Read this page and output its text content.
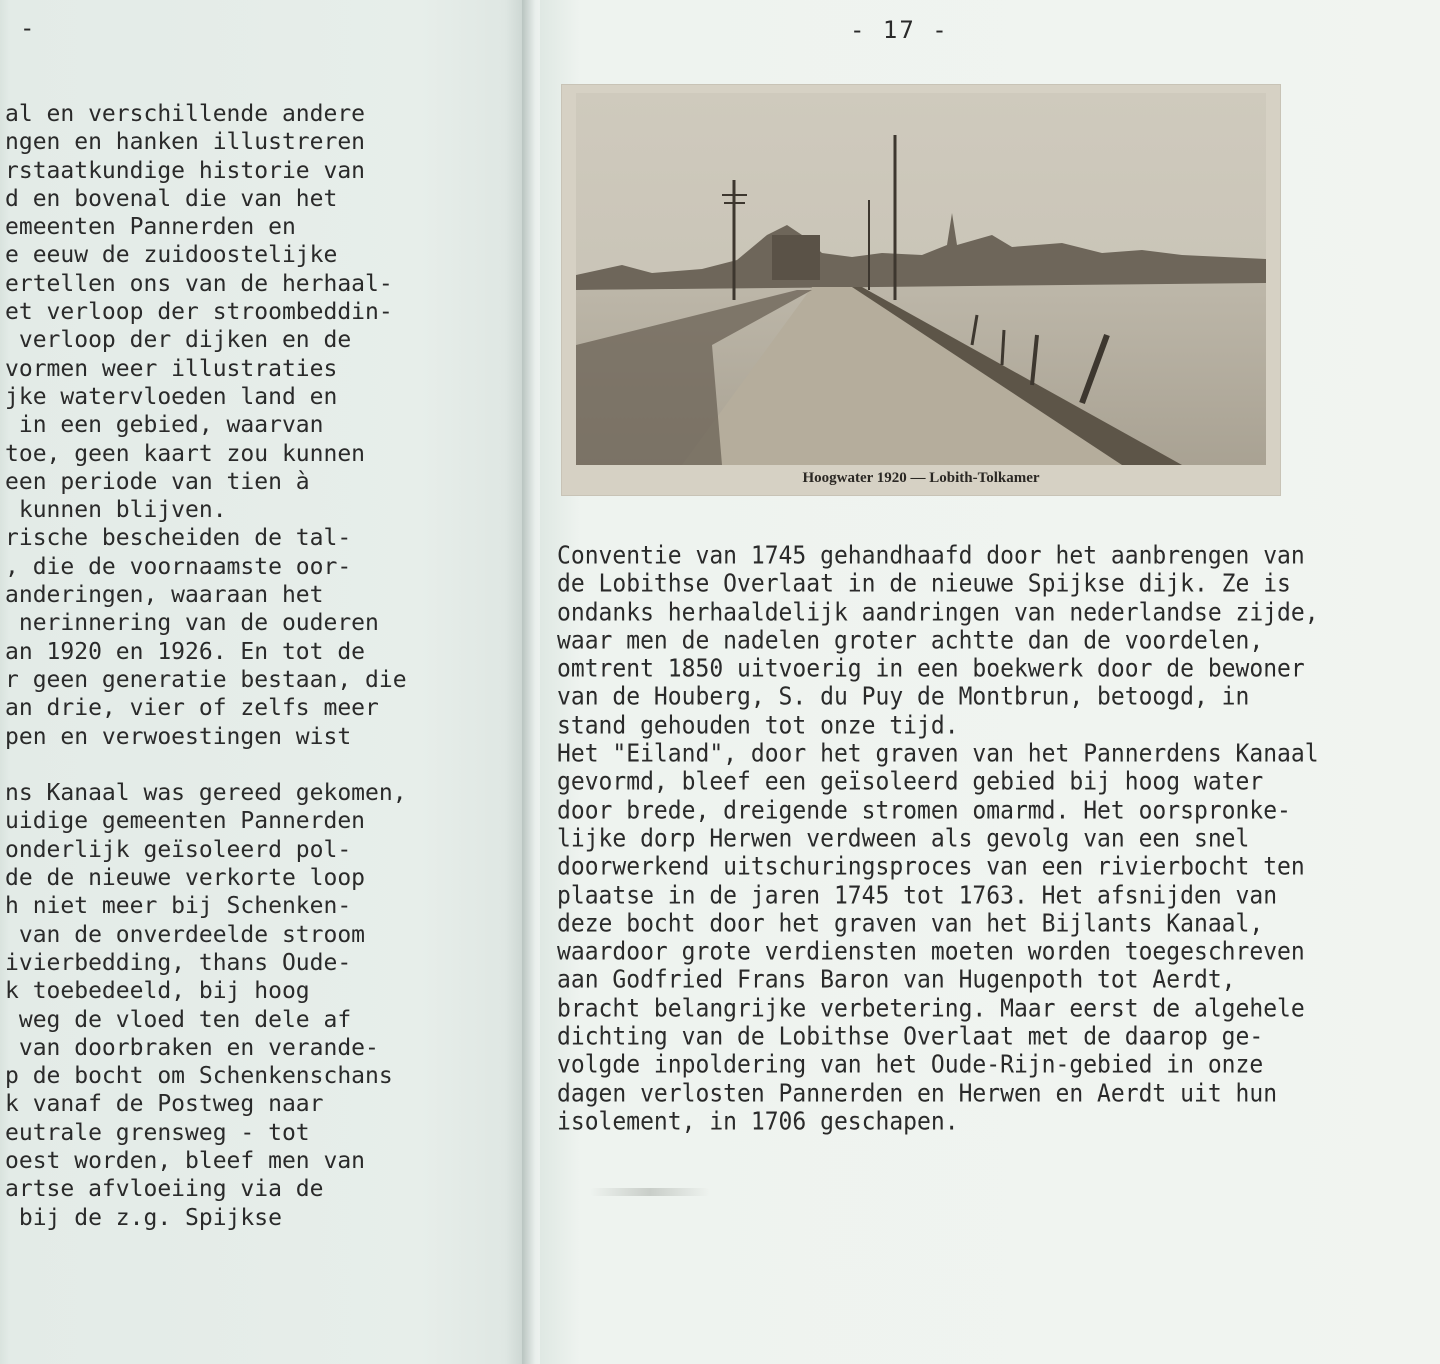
-
al en verschillende andere
ngen en hanken illustreren
rstaatkundige historie van
d en bovenal die van het
emeenten Pannerden en
e eeuw de zuidoostelijke
ertellen ons van de herhaal-
et verloop der stroombeddin-
verloop der dijken en de
vormen weer illustraties
jke watervloeden land en
in een gebied, waarvan
toe, geen kaart zou kunnen
een periode van tien à
kunnen blijven.
rische bescheiden de tal-
, die de voornaamste oor-
anderingen, waaraan het
nerinnering van de ouderen
an 1920 en 1926. En tot de
r geen generatie bestaan, die
an drie, vier of zelfs meer
pen en verwoestingen wist
ns Kanaal was gereed gekomen,
uidige gemeenten Pannerden
onderlijk geïsoleerd pol-
de de nieuwe verkorte loop
h niet meer bij Schenken-
van de onverdeelde stroom
ivierbedding, thans Oude-
k toebedeeld, bij hoog
weg de vloed ten dele af
van doorbraken en verande-
p de bocht om Schenkenschans
k vanaf de Postweg naar
eutrale grensweg - tot
oest worden, bleef men van
artse afvloeiing via de
bij de z.g. Spijkse
- 17 -
Hoogwater 1920 — Lobith-Tolkamer
Conventie van 1745 gehandhaafd door het aanbrengen van
de Lobithse Overlaat in de nieuwe Spijkse dijk. Ze is
ondanks herhaaldelijk aandringen van nederlandse zijde,
waar men de nadelen groter achtte dan de voordelen,
omtrent 1850 uitvoerig in een boekwerk door de bewoner
van de Houberg, S. du Puy de Montbrun, betoogd, in
stand gehouden tot onze tijd.
Het "Eiland", door het graven van het Pannerdens Kanaal
gevormd, bleef een geïsoleerd gebied bij hoog water
door brede, dreigende stromen omarmd. Het oorspronke-
lijke dorp Herwen verdween als gevolg van een snel
doorwerkend uitschuringsproces van een rivierbocht ten
plaatse in de jaren 1745 tot 1763. Het afsnijden van
deze bocht door het graven van het Bijlants Kanaal,
waardoor grote verdiensten moeten worden toegeschreven
aan Godfried Frans Baron van Hugenpoth tot Aerdt,
bracht belangrijke verbetering. Maar eerst de algehele
dichting van de Lobithse Overlaat met de daarop ge-
volgde inpoldering van het Oude-Rijn-gebied in onze
dagen verlosten Pannerden en Herwen en Aerdt uit hun
isolement, in 1706 geschapen.
